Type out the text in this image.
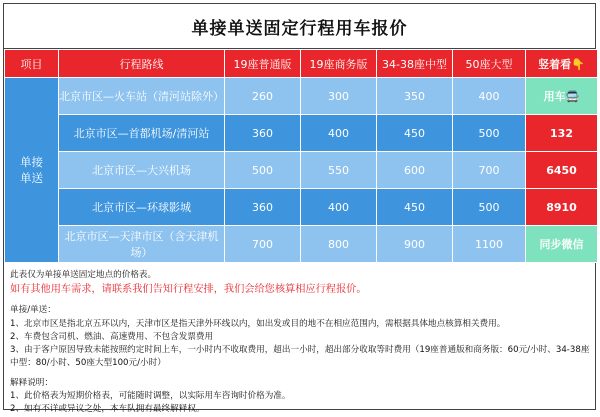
单接单送固定行程用车报价
项目	行程路线	19座普通版	19座商务版	34-38座中型	50座大型	竖着看👇

单接单送	北京市区—火车站（清河站除外）	260	300	350	400	用车🚍
	北京市区—首都机场/清河站	360	400	450	500	132
	北京市区—大兴机场	500	550	600	700	6450
	北京市区—环球影城	360	400	450	500	8910
	北京市区—天津市区（含天津机场）	700	800	900	1100	同步微信

此表仅为单接单送固定地点的价格表。

如有其他用车需求，请联系我们告知行程安排，我们会给您核算相应行程报价。

单接/单送：

1、北京市区是指北京五环以内，天津市区是指天津外环线以内，如出发或目的地不在相应范围内，需根据具体地点核算相关费用。

2、车费包含司机、燃油、高速费用、不包含发票费用

3、由于客户原因导致未能按照约定时间上车，一小时内不收取费用，超出一小时，超出部分收取等时费用（19座普通版和商务版：60元/小时、34-38座中型：80/小时、50座大型100元/小时）

解释说明：

1、此价格表为短期价格表，可能随时调整，以实际用车咨询时价格为准。

2、如有不详或异议之处，本车队拥有最终解释权。
